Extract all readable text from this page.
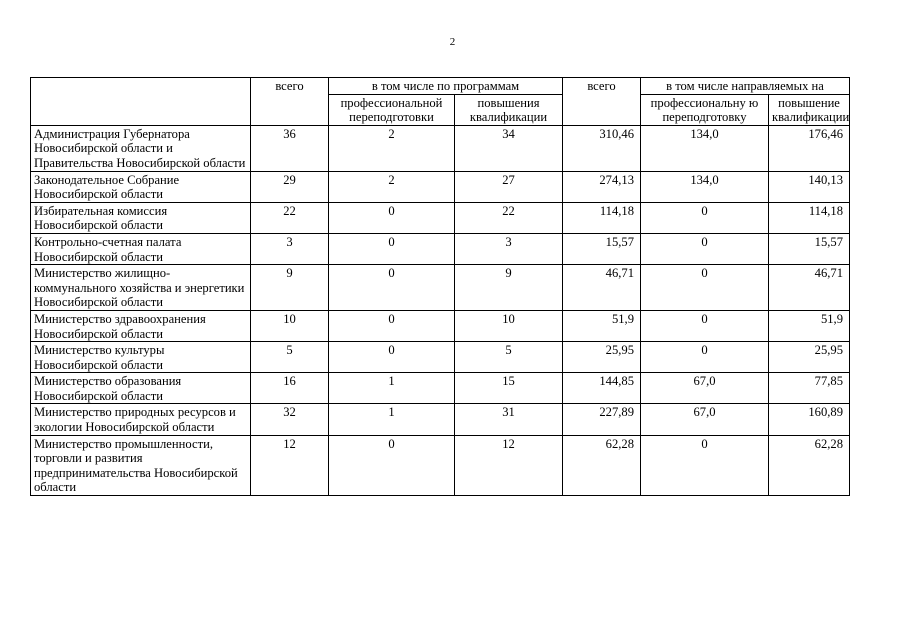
2
	всего	в том числе по программам		всего	в том числе направляемых на	
		профессиональной переподготовки	повышения квалификации		профессиональну ю переподготовку	повышение квалификации
Администрация Губернатора Новосибирской области и Правительства Новосибирской области	36	2	34	310,46	134,0	176,46
Законодательное Собрание Новосибирской области	29	2	27	274,13	134,0	140,13
Избирательная комиссия Новосибирской области	22	0	22	114,18	0	114,18
Контрольно-счетная палата Новосибирской области	3	0	3	15,57	0	15,57
Министерство жилищно-коммунального хозяйства и энергетики Новосибирской области	9	0	9	46,71	0	46,71
Министерство здравоохранения Новосибирской области	10	0	10	51,9	0	51,9
Министерство культуры Новосибирской области	5	0	5	25,95	0	25,95
Министерство образования Новосибирской области	16	1	15	144,85	67,0	77,85
Министерство природных ресурсов и экологии Новосибирской области	32	1	31	227,89	67,0	160,89
Министерство промышленности, торговли и развития предпринимательства Новосибирской области	12	0	12	62,28	0	62,28
